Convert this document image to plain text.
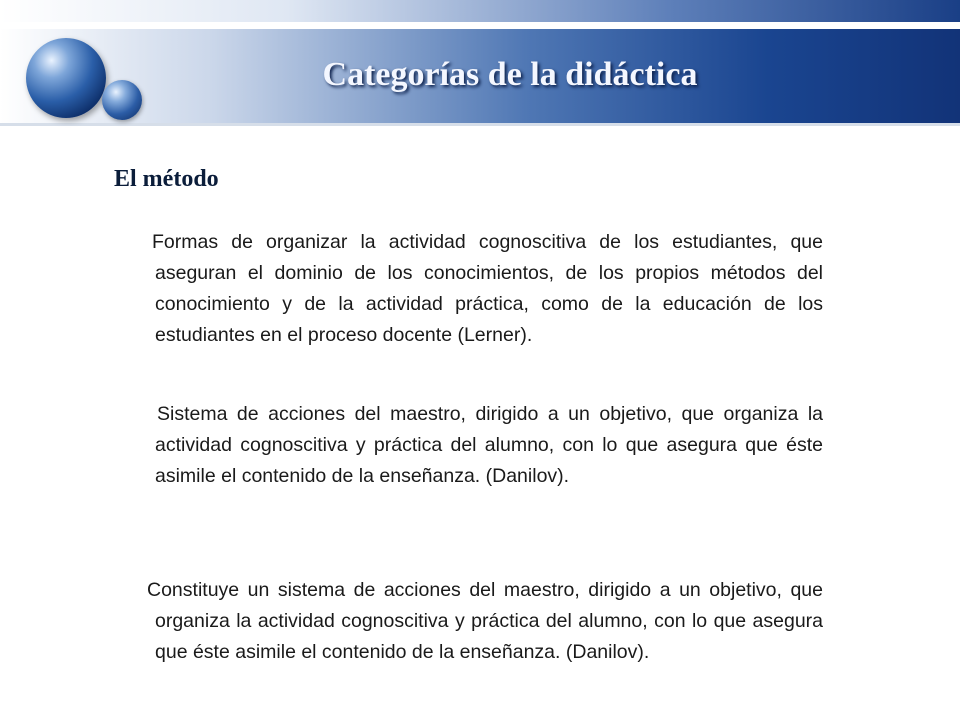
Categorías de la didáctica
El método

Formas de organizar la actividad cognoscitiva de los estudiantes, que aseguran el dominio de los conocimientos, de los propios métodos del conocimiento y de la actividad práctica, como de la educación de los estudiantes en el proceso docente (Lerner).

Sistema de acciones del maestro, dirigido a un objetivo, que organiza la actividad cognoscitiva y práctica del alumno, con lo que asegura que éste asimile el contenido de la enseñanza. (Danilov).

Constituye un sistema de acciones del maestro, dirigido a un objetivo, que organiza la actividad cognoscitiva y práctica del alumno, con lo que asegura que éste asimile el contenido de la enseñanza. (Danilov).
